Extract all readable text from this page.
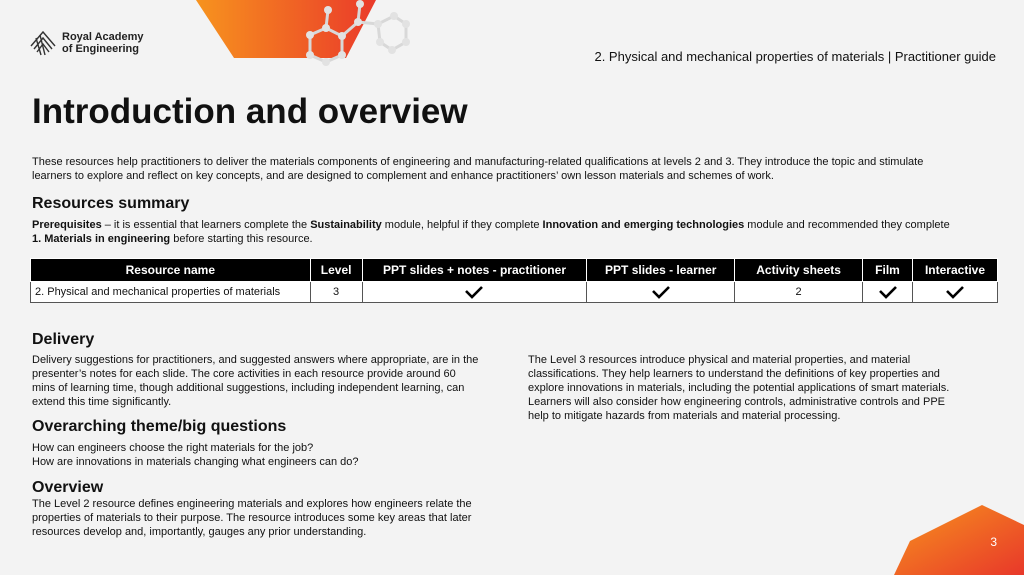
Royal Academy
of Engineering	2. Physical and mechanical properties of materials | Practitioner guide
Introduction and overview

These resources help practitioners to deliver the materials components of engineering and manufacturing-related qualifications at levels 2 and 3. They introduce the topic and stimulate learners to explore and reflect on key concepts, and are designed to complement and enhance practitioners’ own lesson materials and schemes of work.

Resources summary

Prerequisites – it is essential that learners complete the Sustainability module, helpful if they complete Innovation and emerging technologies module and recommended they complete
1. Materials in engineering before starting this resource.

Resource name	Level	PPT slides + notes - practitioner	PPT slides - learner	Activity sheets	Film	Interactive
2. Physical and mechanical properties of materials	3			2		
Delivery

Delivery suggestions for practitioners, and suggested answers where appropriate, are in the presenter’s notes for each slide. The core activities in each resource provide around 60 mins of learning time, though additional suggestions, including independent learning, can extend this time significantly.

Overarching theme/big questions

How can engineers choose the right materials for the job?
How are innovations in materials changing what engineers can do?

Overview

The Level 2 resource defines engineering materials and explores how engineers relate the properties of materials to their purpose. The resource introduces some key areas that later resources develop and, importantly, gauges any prior understanding.

The Level 3 resources introduce physical and material properties, and material classifications. They help learners to understand the definitions of key properties and explore innovations in materials, including the potential applications of smart materials. Learners will also consider how engineering controls, administrative controls and PPE help to mitigate hazards from materials and material processing.

3
